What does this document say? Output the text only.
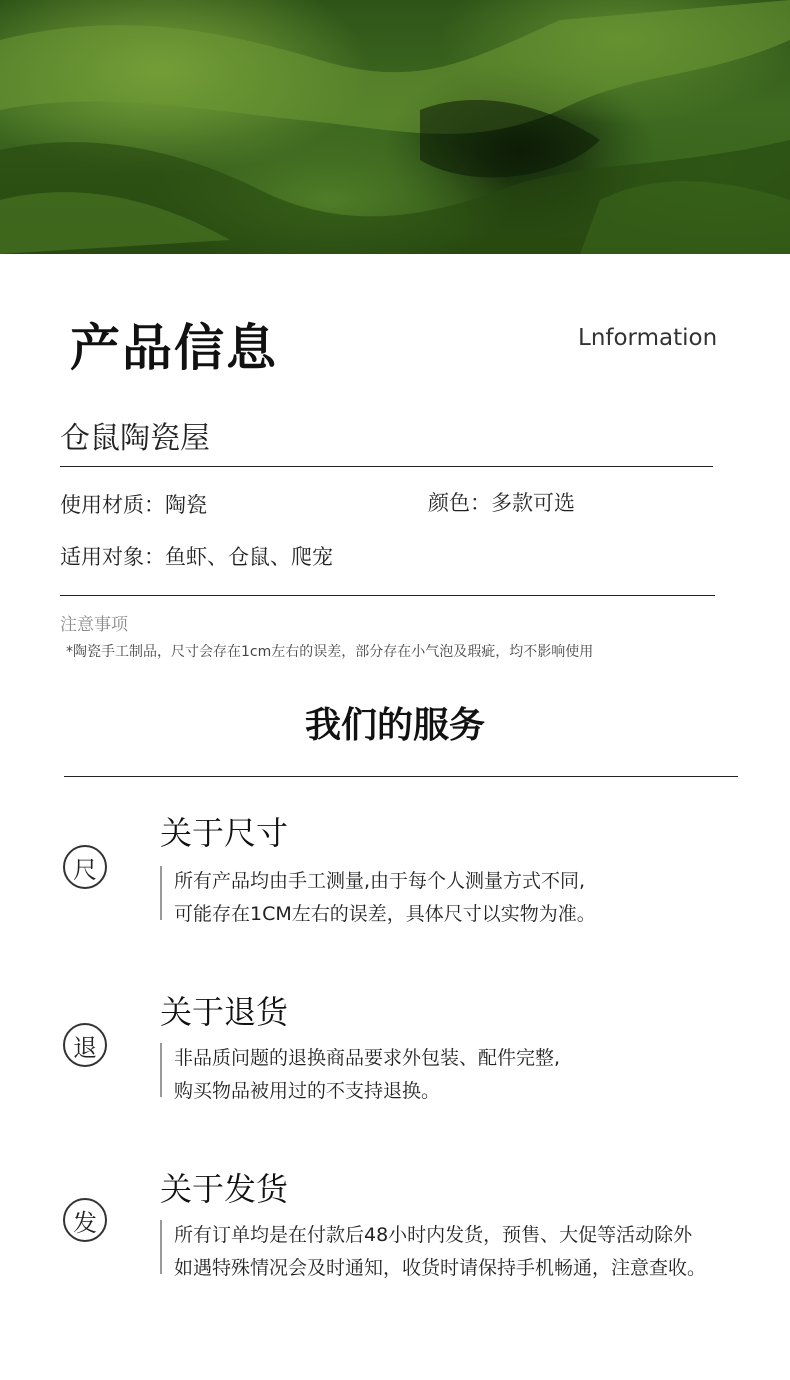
产品信息	Lnformation
仓鼠陶瓷屋
使用材质：陶瓷	颜色：多款可选
适用对象：鱼虾、仓鼠、爬宠
注意事项
*陶瓷手工制品，尺寸会存在1cm左右的误差，部分存在小气泡及瑕疵，均不影响使用
我们的服务
尺
关于尺寸
所有产品均由手工测量,由于每个人测量方式不同,
可能存在1CM左右的误差，具体尺寸以实物为准。
退
关于退货
非品质问题的退换商品要求外包装、配件完整,
购买物品被用过的不支持退换。
发
关于发货
所有订单均是在付款后48小时内发货，预售、大促等活动除外
如遇特殊情况会及时通知，收货时请保持手机畅通，注意查收。
